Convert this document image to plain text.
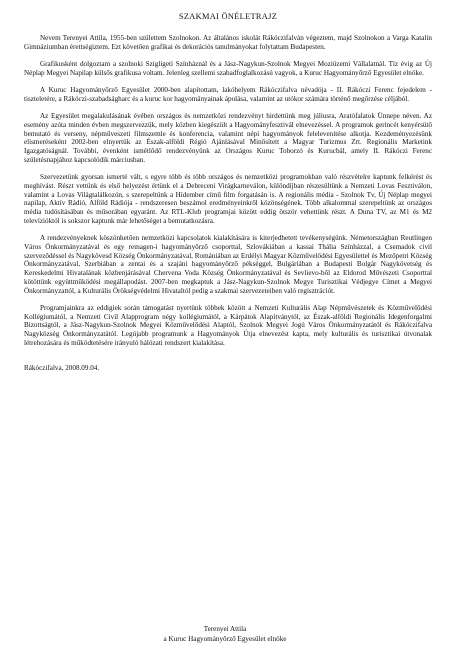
SZAKMAI ÖNÉLETRAJZ

Nevem Terenyei Attila, 1955-ben születtem Szolnokon. Az általános iskolát Rákóczifalván végeztem, majd Szolnokon a Varga Katalin Gimnáziumban érettségiztem. Ezt követően grafikai és dekorációs tanulmányokat folytattam Budapesten.

Grafikusként dolgoztam a szolnoki Szigligeti Színháznál és a Jász-Nagykun-Szolnok Megyei Moziüzemi Vállalatnál. Tíz évig az Új Néplap Megyei Napilap külsős grafikusa voltam. Jelenleg szellemi szabadfoglalkozású vagyok, a Kuruc Hagyományőrző Egyesület elnöke.

A Kuruc Hagyományőrző Egyesület 2000-ben alapítottam, lakóhelyem Rákóczifalva névadója - II. Rákóczi Ferenc fejedelem - tiszteletére, a Rákóczi-szabadságharc és a kuruc kor hagyományainak ápolása, valamint az utókor számára történő megőrzése céljából.

Az Egyesület megalakulásának évében országos és nemzetközi rendezvényt hirdettünk meg júliusra, Aratófalatok Ünnepe néven. Az esemény azóta minden évben megszervezzük, mely közben kiegészült a Hagyományfesztivál elnevezéssel. A programok gerincét kenyérsütő bemutató és verseny, népműveszeti filmszemle és konferencia, valamint népi hagyományok felelevenítése alkotja. Kezdeményezésünk elismeréseként 2002-ben elnyertük az Észak-alföldi Régió Ajánlásával Minősített a Magyar Turizmus Zrt. Regionális Marketink Igazgatóságnál. További, évenként ismétlődő rendezvényünk az Országos Kuruc Toborzó és Kurucbál, amely II. Rákóczi Ferenc születésnapjához kapcsolódik márciusban.

Szervezetünk gyorsan ismerté vált, s egyre több és több országos és nemzetközi programokban való részvételre kaptunk felkérést és meghívást. Részt vettünk és első helyezést értünk el a Debreceni Virágkarneválon, különdíjban részesültünk a Nemzeti Lovas Fesztiválon, valamint a Lovas Világtalálkozón, s szerepeltünk a Hídember című film forgatásán is. A regionális média - Szolnok Tv, Új Néplap megyei napilap, Aktív Rádió, Alföld Rádiója - rendszeresen beszámol eredményeinkről közönségének. Több alkalommal szerepeltünk az országos média tudósításában és műsorában egyaránt. Az RTL-Klub programjai között eddig ötször vehettünk részt. A Duna TV, az M1 és M2 televízióktól is sokszor kaptunk már lehetőséget a bemutatkozásra.

A rendezvényeknek köszönhetően nemzetközi kapcsolatok kialakítására is kiterjedhetett tevékenységünk. Németországban Reutlingen Város Önkormányzatával és egy remagen-i hagyományőrző csoporttal, Szlovákiában a kassai Thália Színházzal, a Csemadok civil szervezõdéssel és Nagykövesd Község Önkormányzatával, Romániában az Erdélyi Magyar Közművelődési Egyesülettel és Mezőpetri Község Önkormányzatával, Szerbiában a zentai és a szajáni hagyományőrző pékséggel, Bulgáriában a Budapesti Bolgár Nagykövetség és Kereskedelmi Hivatalának közbenjárásával Chervena Voda Község Önkormányzatával és Sevlievo-bõl az Eldorod Művészeti Csoporttal kötöttünk együttműködési megállapodást. 2007-ben megkaptuk a Jász-Nagykun-Szolnok Megye Turisztikai Védjegye Címet a Megyei Önkormányzattól, a Kulturális Örökségvédelmi Hivataltól pedig a szakmai szervezeteiben való regisztrációt.

Programjainkra az eddigiek során támogatást nyertünk többek között a Nemzeti Kulturális Alap Népművészetek és Közművelődési Kollégiumától, a Nemzeti Civil Alapprogram négy kollégiumától, a Kárpátok Alapítványtól, az Észak-alföldi Regionális Idegenforgalmi Bizottságtól, a Jász-Nagykun-Szolnok Megyei Közművelődési Alaptól, Szolnok Megyei Jogú Város Önkormányzatától és Rákóczifalva Nagyközség Önkormányzatától. Legújabb programunk a Hagyományok Útja elnevezést kapta, mely kulturális és turisztikai útvonalak létrehozására és működtetésére irányuló hálózati rendszert kialakítása.

Rákóczifalva, 2008.09.04.
Terenyei Attila
a Kuruc Hagyományőrző Egyesület elnöke
